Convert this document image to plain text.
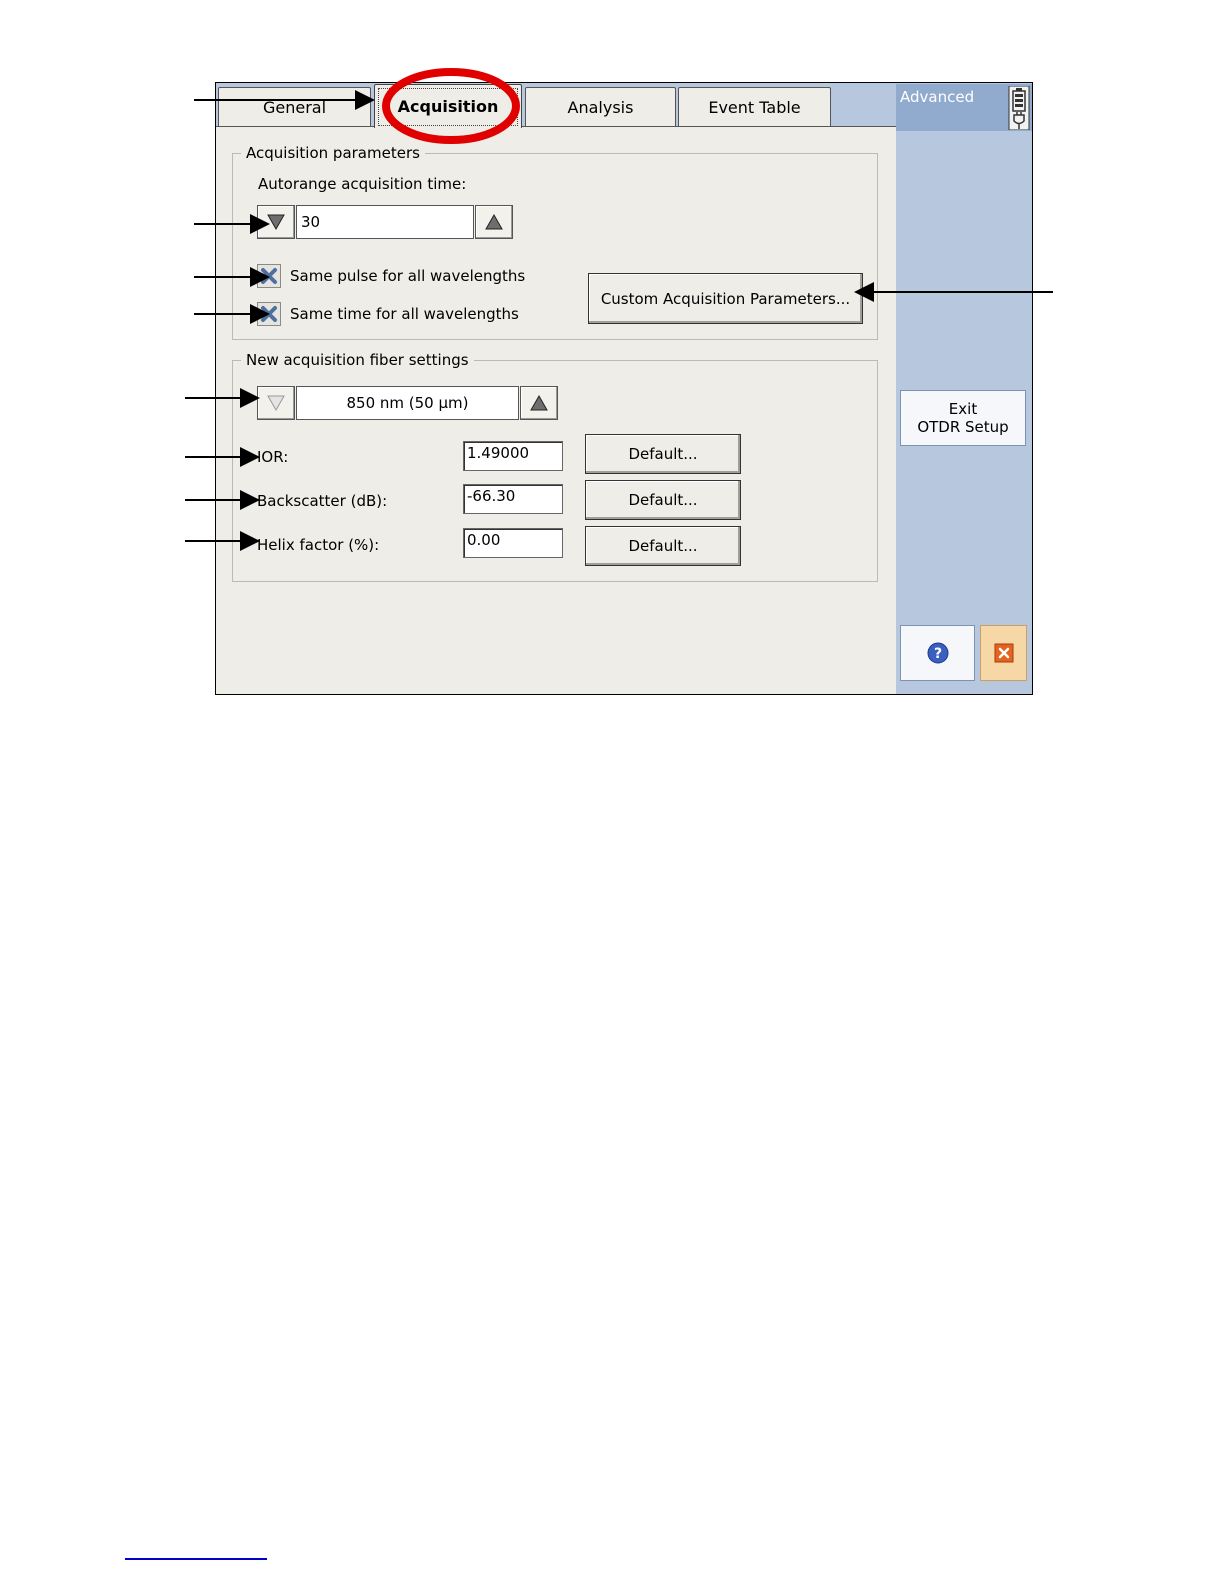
General	Acquisition	Analysis	Event Table
Acquisition parameters
Autorange acquisition time:
30
Same pulse for all wavelengths
Same time for all wavelengths
Custom Acquisition Parameters...
New acquisition fiber settings
850 nm (50 µm)
IOR:	1.49000	Default...
Backscatter (dB):	-66.30	Default...
Helix factor (%):	0.00	Default...
Advanced
Exit
OTDR Setup
?
